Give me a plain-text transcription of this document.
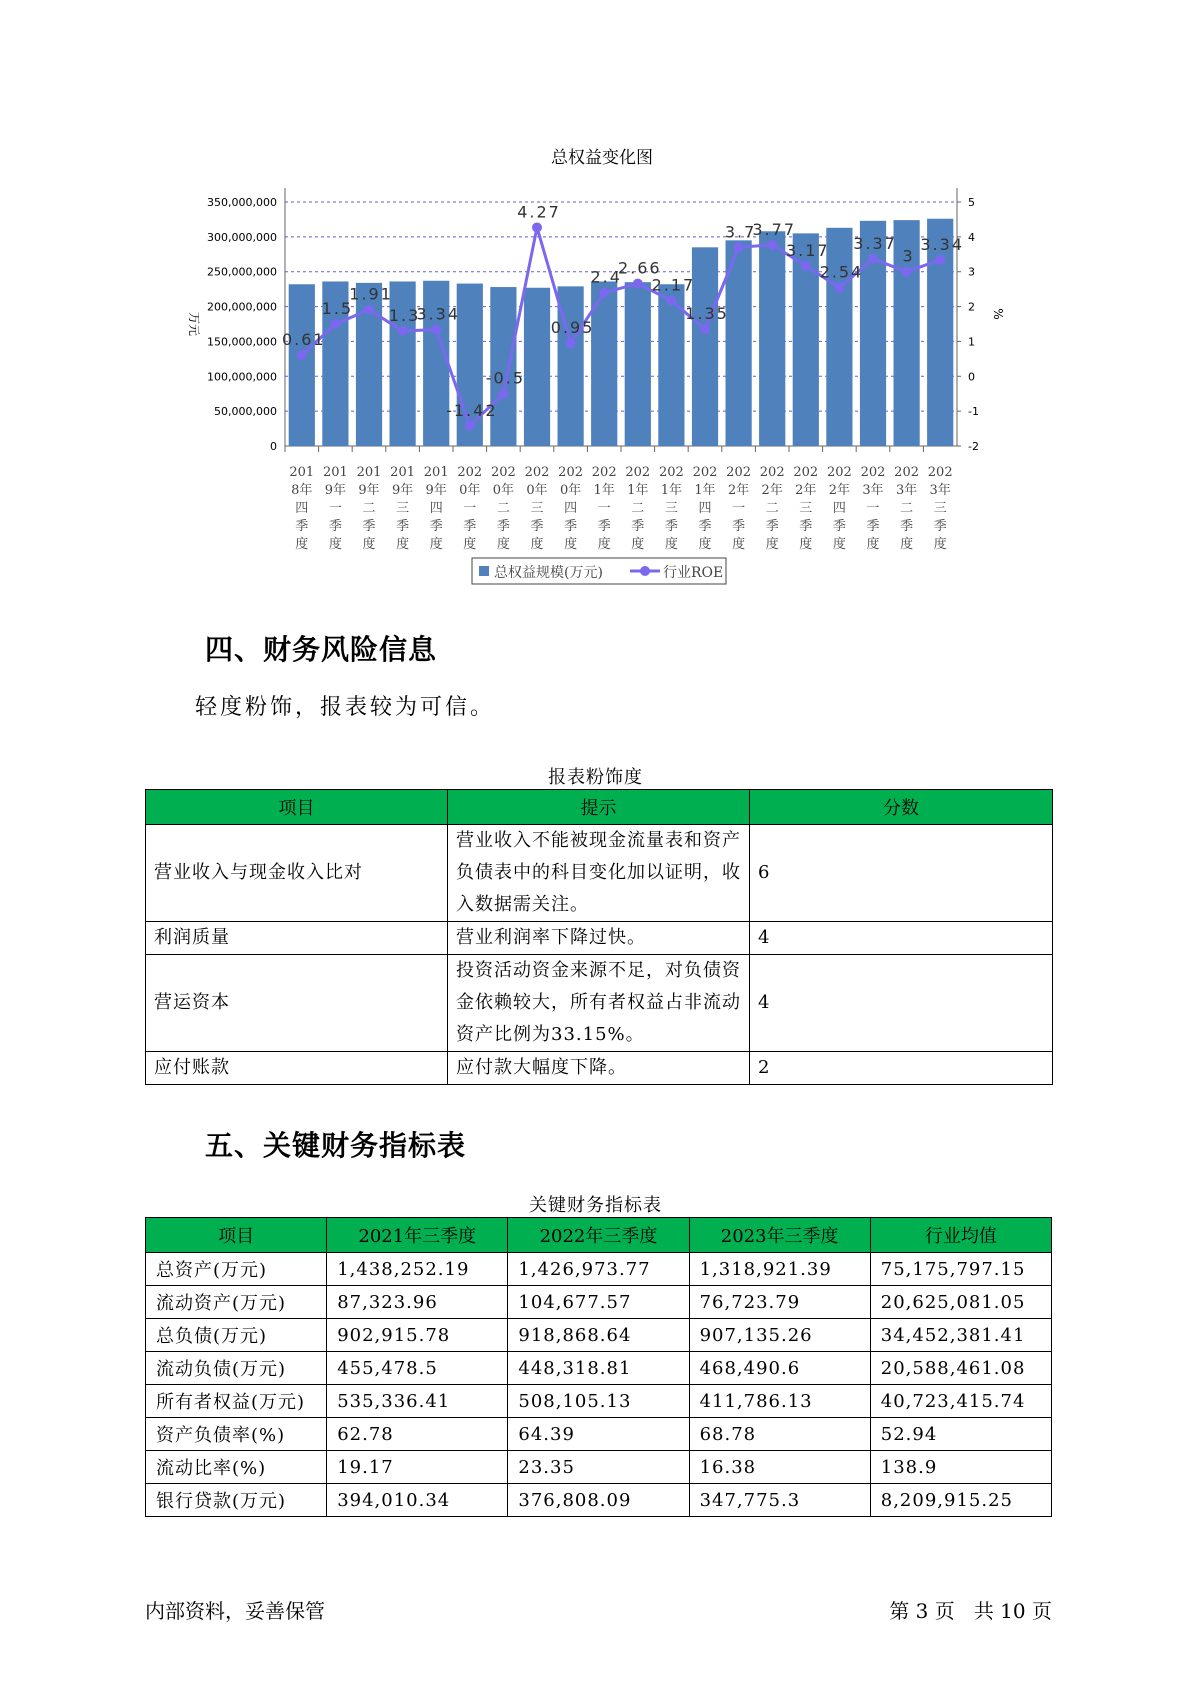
总权益变化图
0
50,000,000
100,000,000
150,000,000
200,000,000
250,000,000
300,000,000
350,000,000
-2
-1
0
1
2
3
4
5
万元	%
201
8年
四
季
度
201
9年
一
季
度
201
9年
二
季
度
201
9年
三
季
度
201
9年
四
季
度
202
0年
一
季
度
202
0年
二
季
度
202
0年
三
季
度
202
0年
四
季
度
202
1年
一
季
度
202
1年
二
季
度
202
1年
三
季
度
202
1年
四
季
度
202
2年
一
季
度
202
2年
二
季
度
202
2年
三
季
度
202
2年
四
季
度
202
3年
一
季
度
202
3年
二
季
度
202
3年
三
季
度
0.61
1.5
1.91
1.3
3.34
-1.42
-0.5
4.27
0.95
2.4
2.66
2.17
1.35
3.7
3.77
3.17
2.54
3.37
3
3.34
总权益规模(万元)	行业ROE
四、财务风险信息
轻度粉饰，报表较为可信。
报表粉饰度
项目	提示	分数
营业收入与现金收入比对	营业收入不能被现金流量表和资产负债表中的科目变化加以证明，收入数据需关注。	6
利润质量	营业利润率下降过快。	4
营运资本	投资活动资金来源不足，对负债资金依赖较大，所有者权益占非流动资产比例为33.15%。	4
应付账款	应付款大幅度下降。	2
五、关键财务指标表
关键财务指标表
项目	2021年三季度	2022年三季度	2023年三季度	行业均值
总资产(万元)	1,438,252.19	1,426,973.77	1,318,921.39	75,175,797.15
流动资产(万元)	87,323.96	104,677.57	76,723.79	20,625,081.05
总负债(万元)	902,915.78	918,868.64	907,135.26	34,452,381.41
流动负债(万元)	455,478.5	448,318.81	468,490.6	20,588,461.08
所有者权益(万元)	535,336.41	508,105.13	411,786.13	40,723,415.74
资产负债率(%)	62.78	64.39	68.78	52.94
流动比率(%)	19.17	23.35	16.38	138.9
银行贷款(万元)	394,010.34	376,808.09	347,775.3	8,209,915.25
内部资料，妥善保管	第 3 页   共 10 页
